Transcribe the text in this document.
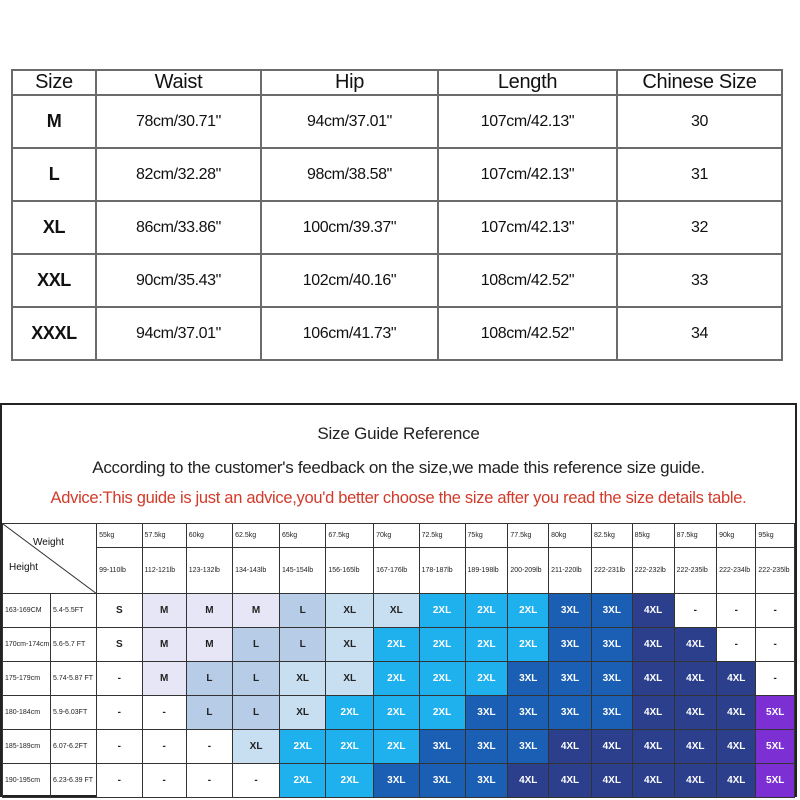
Size	Waist	Hip	Length	Chinese Size
M	78cm/30.71"	94cm/37.01"	107cm/42.13"	30
L	82cm/32.28"	98cm/38.58"	107cm/42.13"	31
XL	86cm/33.86"	100cm/39.37"	107cm/42.13"	32
XXL	90cm/35.43"	102cm/40.16"	108cm/42.52"	33
XXXL	94cm/37.01"	106cm/41.73"	108cm/42.52"	34
Size Guide Reference
According to the customer's feedback on the size,we made this reference size guide.
Advice:This guide is just an advice,you'd better choose the size after you read the size details table.
Weight
Height		55kg	57.5kg	60kg	62.5kg	65kg	67.5kg	70kg	72.5kg	75kg	77.5kg	80kg	82.5kg	85kg	87.5kg	90kg	95kg
		99-110lb	112-121lb	123-132lb	134-143lb	145-154lb	156-165lb	167-176lb	178-187lb	189-198lb	200-209lb	211-220lb	222-231lb	222-232lb	222-235lb	222-234lb	222-235lb
163-169CM	5.4-5.5FT	S	M	M	M	L	XL	XL	2XL	2XL	2XL	3XL	3XL	4XL	-	-	-
170cm-174cm	5.6-5.7 FT	S	M	M	L	L	XL	2XL	2XL	2XL	2XL	3XL	3XL	4XL	4XL	-	-
175-179cm	5.74-5.87 FT	-	M	L	L	XL	XL	2XL	2XL	2XL	3XL	3XL	3XL	4XL	4XL	4XL	-
180-184cm	5.9-6.03FT	-	-	L	L	XL	2XL	2XL	2XL	3XL	3XL	3XL	3XL	4XL	4XL	4XL	5XL
185-189cm	6.07-6.2FT	-	-	-	XL	2XL	2XL	2XL	3XL	3XL	3XL	4XL	4XL	4XL	4XL	4XL	5XL
190-195cm	6.23-6.39 FT	-	-	-	-	2XL	2XL	3XL	3XL	3XL	4XL	4XL	4XL	4XL	4XL	4XL	5XL
